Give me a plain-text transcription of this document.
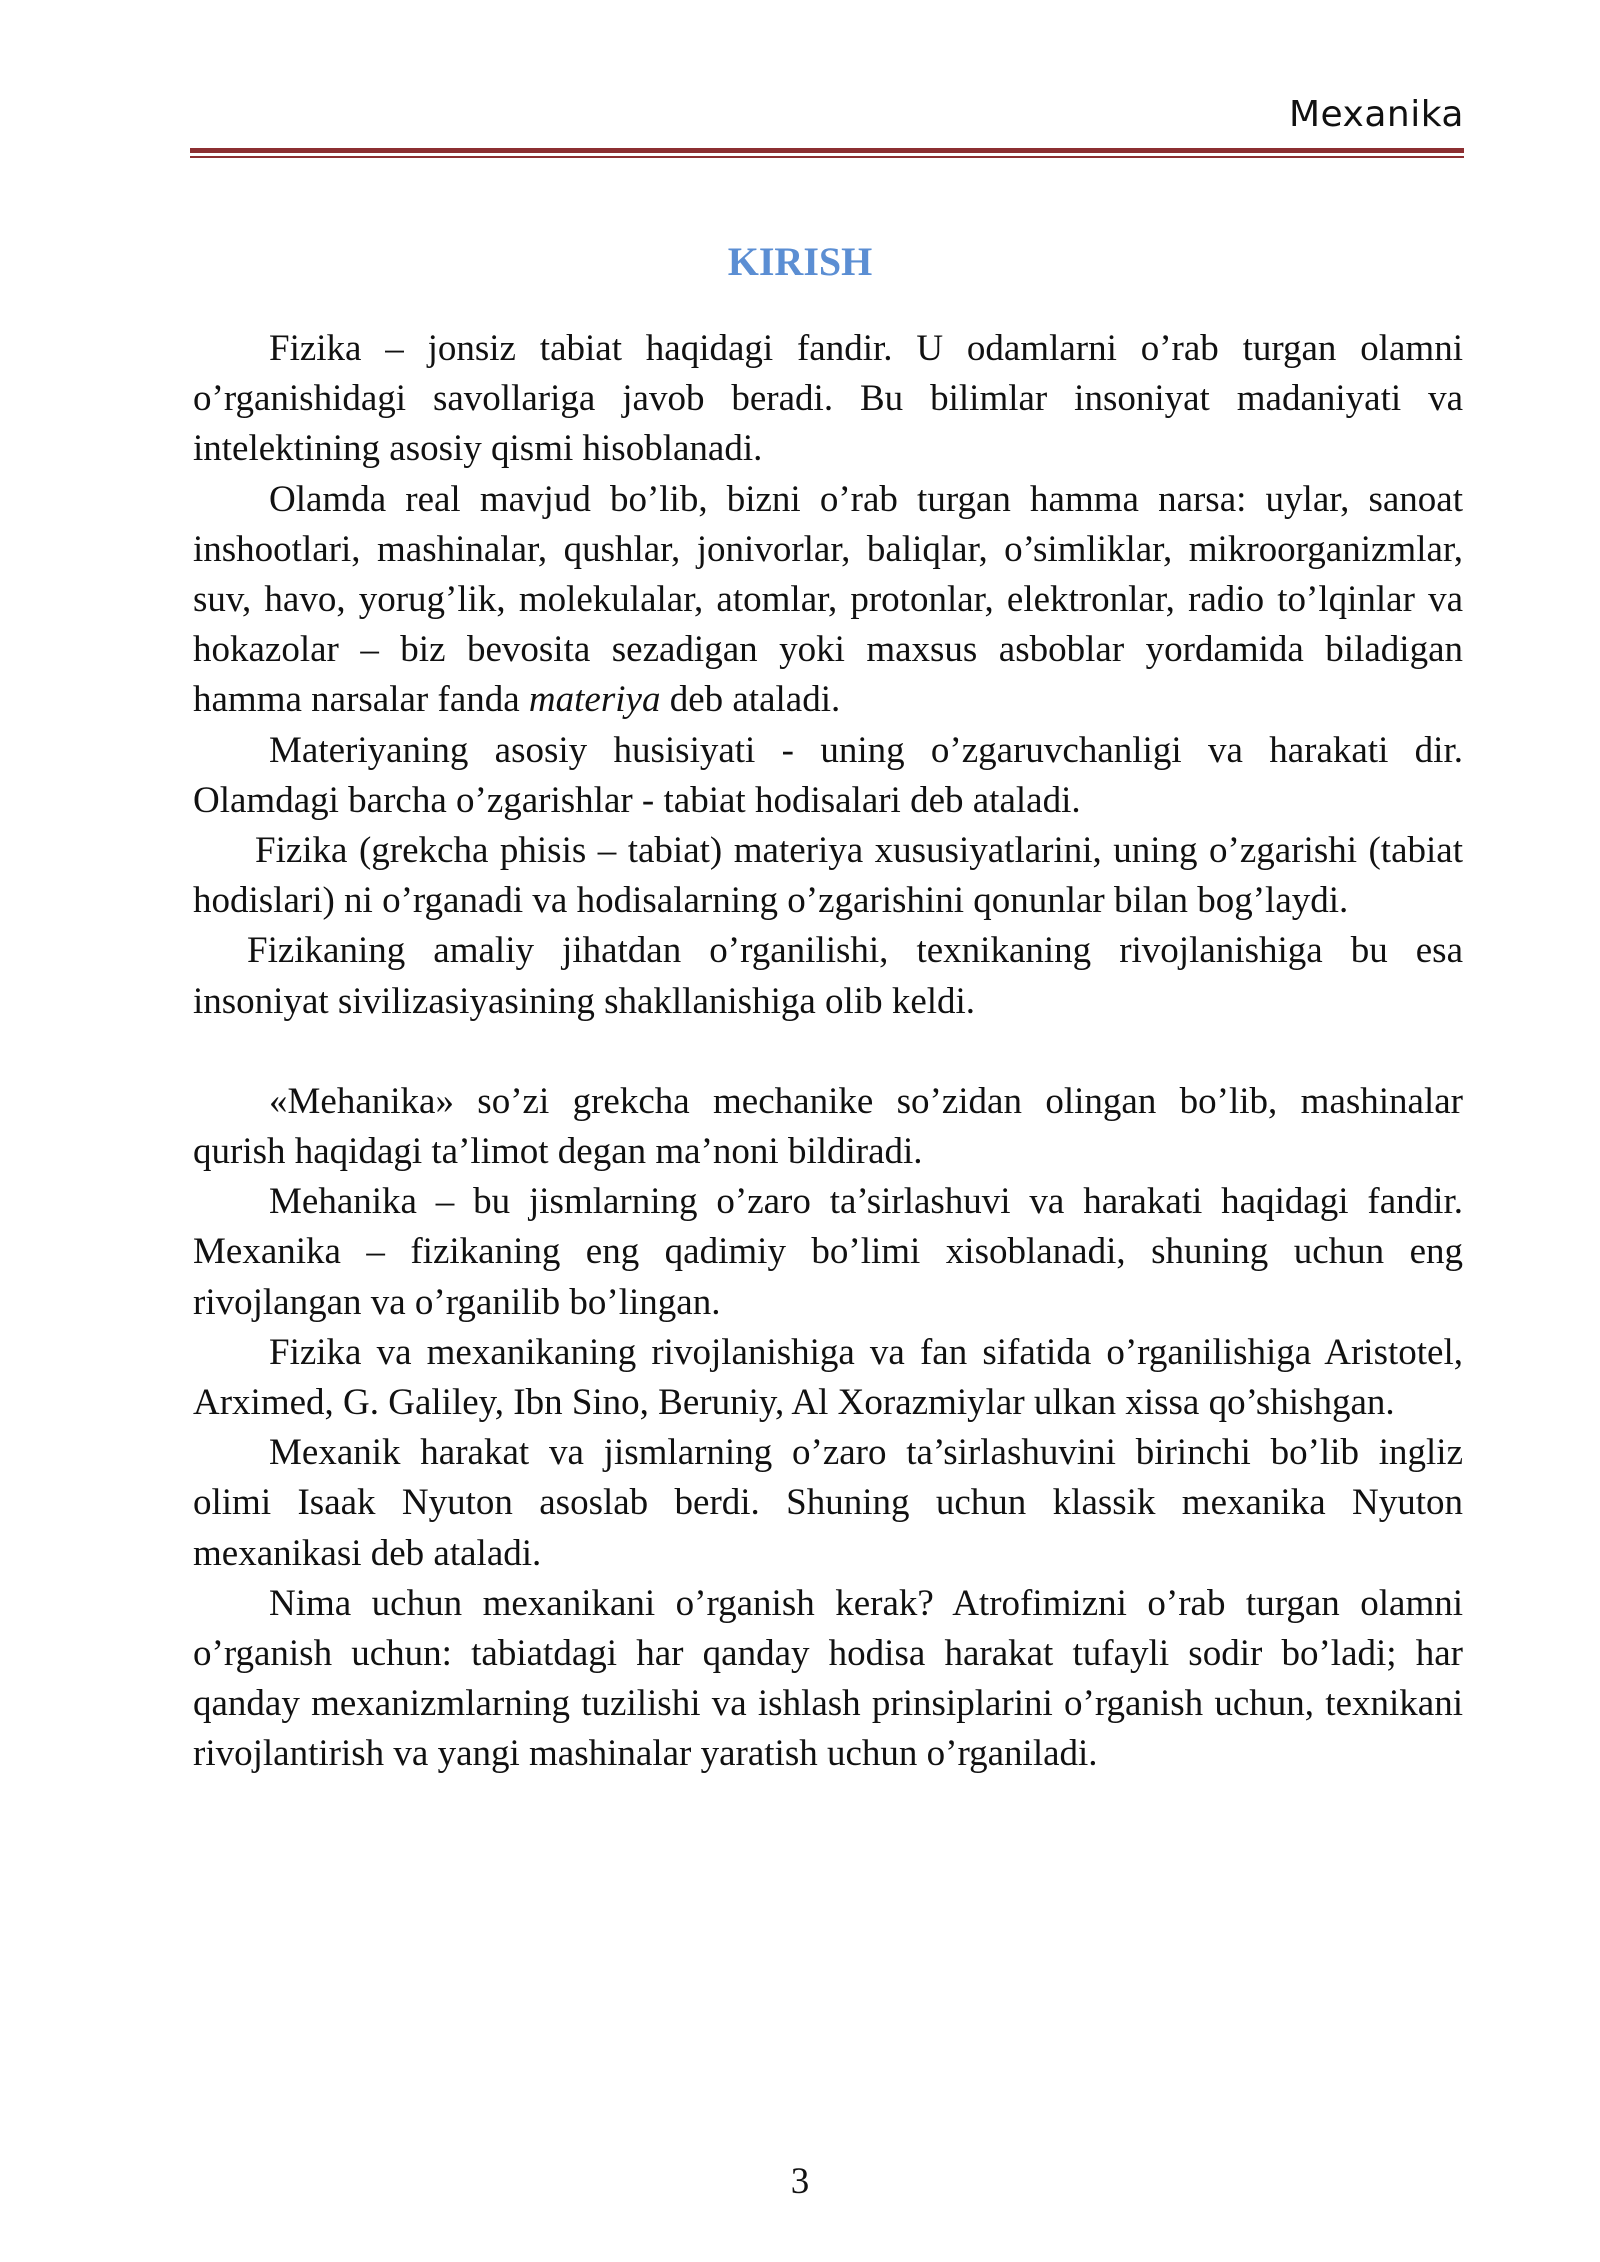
Mexanika
KIRISH

Fizika – jonsiz tabiat haqidagi fandir. U odamlarni o’rab turgan olamni o’rganishidagi savollariga javob beradi. Bu bilimlar insoniyat madaniyati va intelektining asosiy qismi hisoblanadi.

Olamda real mavjud bo’lib, bizni o’rab turgan hamma narsa: uylar, sanoat inshootlari, mashinalar, qushlar, jonivorlar, baliqlar, o’simliklar, mikroorganizmlar, suv, havo, yorug’lik, molekulalar, atomlar, protonlar, elektronlar, radio to’lqinlar va hokazolar – biz bevosita sezadigan yoki maxsus asboblar yordamida biladigan hamma narsalar fanda materiya deb ataladi.

Materiyaning asosiy husisiyati - uning o’zgaruvchanligi va harakati dir. Olamdagi barcha o’zgarishlar - tabiat hodisalari deb ataladi.

Fizika (grekcha phisis – tabiat) materiya xususiyatlarini, uning o’zgarishi (tabiat hodislari) ni o’rganadi va hodisalarning o’zgarishini qonunlar bilan bog’laydi.

Fizikaning amaliy jihatdan o’rganilishi, texnikaning rivojlanishiga bu esa insoniyat sivilizasiyasining shakllanishiga olib keldi.

«Mehanika» so’zi grekcha mechanike so’zidan olingan bo’lib, mashinalar qurish haqidagi ta’limot degan ma’noni bildiradi.

Mehanika – bu jismlarning o’zaro ta’sirlashuvi va harakati haqidagi fandir. Mexanika – fizikaning eng qadimiy bo’limi xisoblanadi, shuning uchun eng rivojlangan va o’rganilib bo’lingan.

Fizika va mexanikaning rivojlanishiga va fan sifatida o’rganilishiga Aristotel, Arximed, G. Galiley, Ibn Sino, Beruniy, Al Xorazmiylar ulkan xissa qo’shishgan.

Mexanik harakat va jismlarning o’zaro ta’sirlashuvini birinchi bo’lib ingliz olimi Isaak Nyuton asoslab berdi. Shuning uchun klassik mexanika Nyuton mexanikasi deb ataladi.

Nima uchun mexanikani o’rganish kerak? Atrofimizni o’rab turgan olamni o’rganish uchun: tabiatdagi har qanday hodisa harakat tufayli sodir bo’ladi; har qanday mexanizmlarning tuzilishi va ishlash prinsiplarini o’rganish uchun, texnikani rivojlantirish va yangi mashinalar yaratish uchun o’rganiladi.

3
